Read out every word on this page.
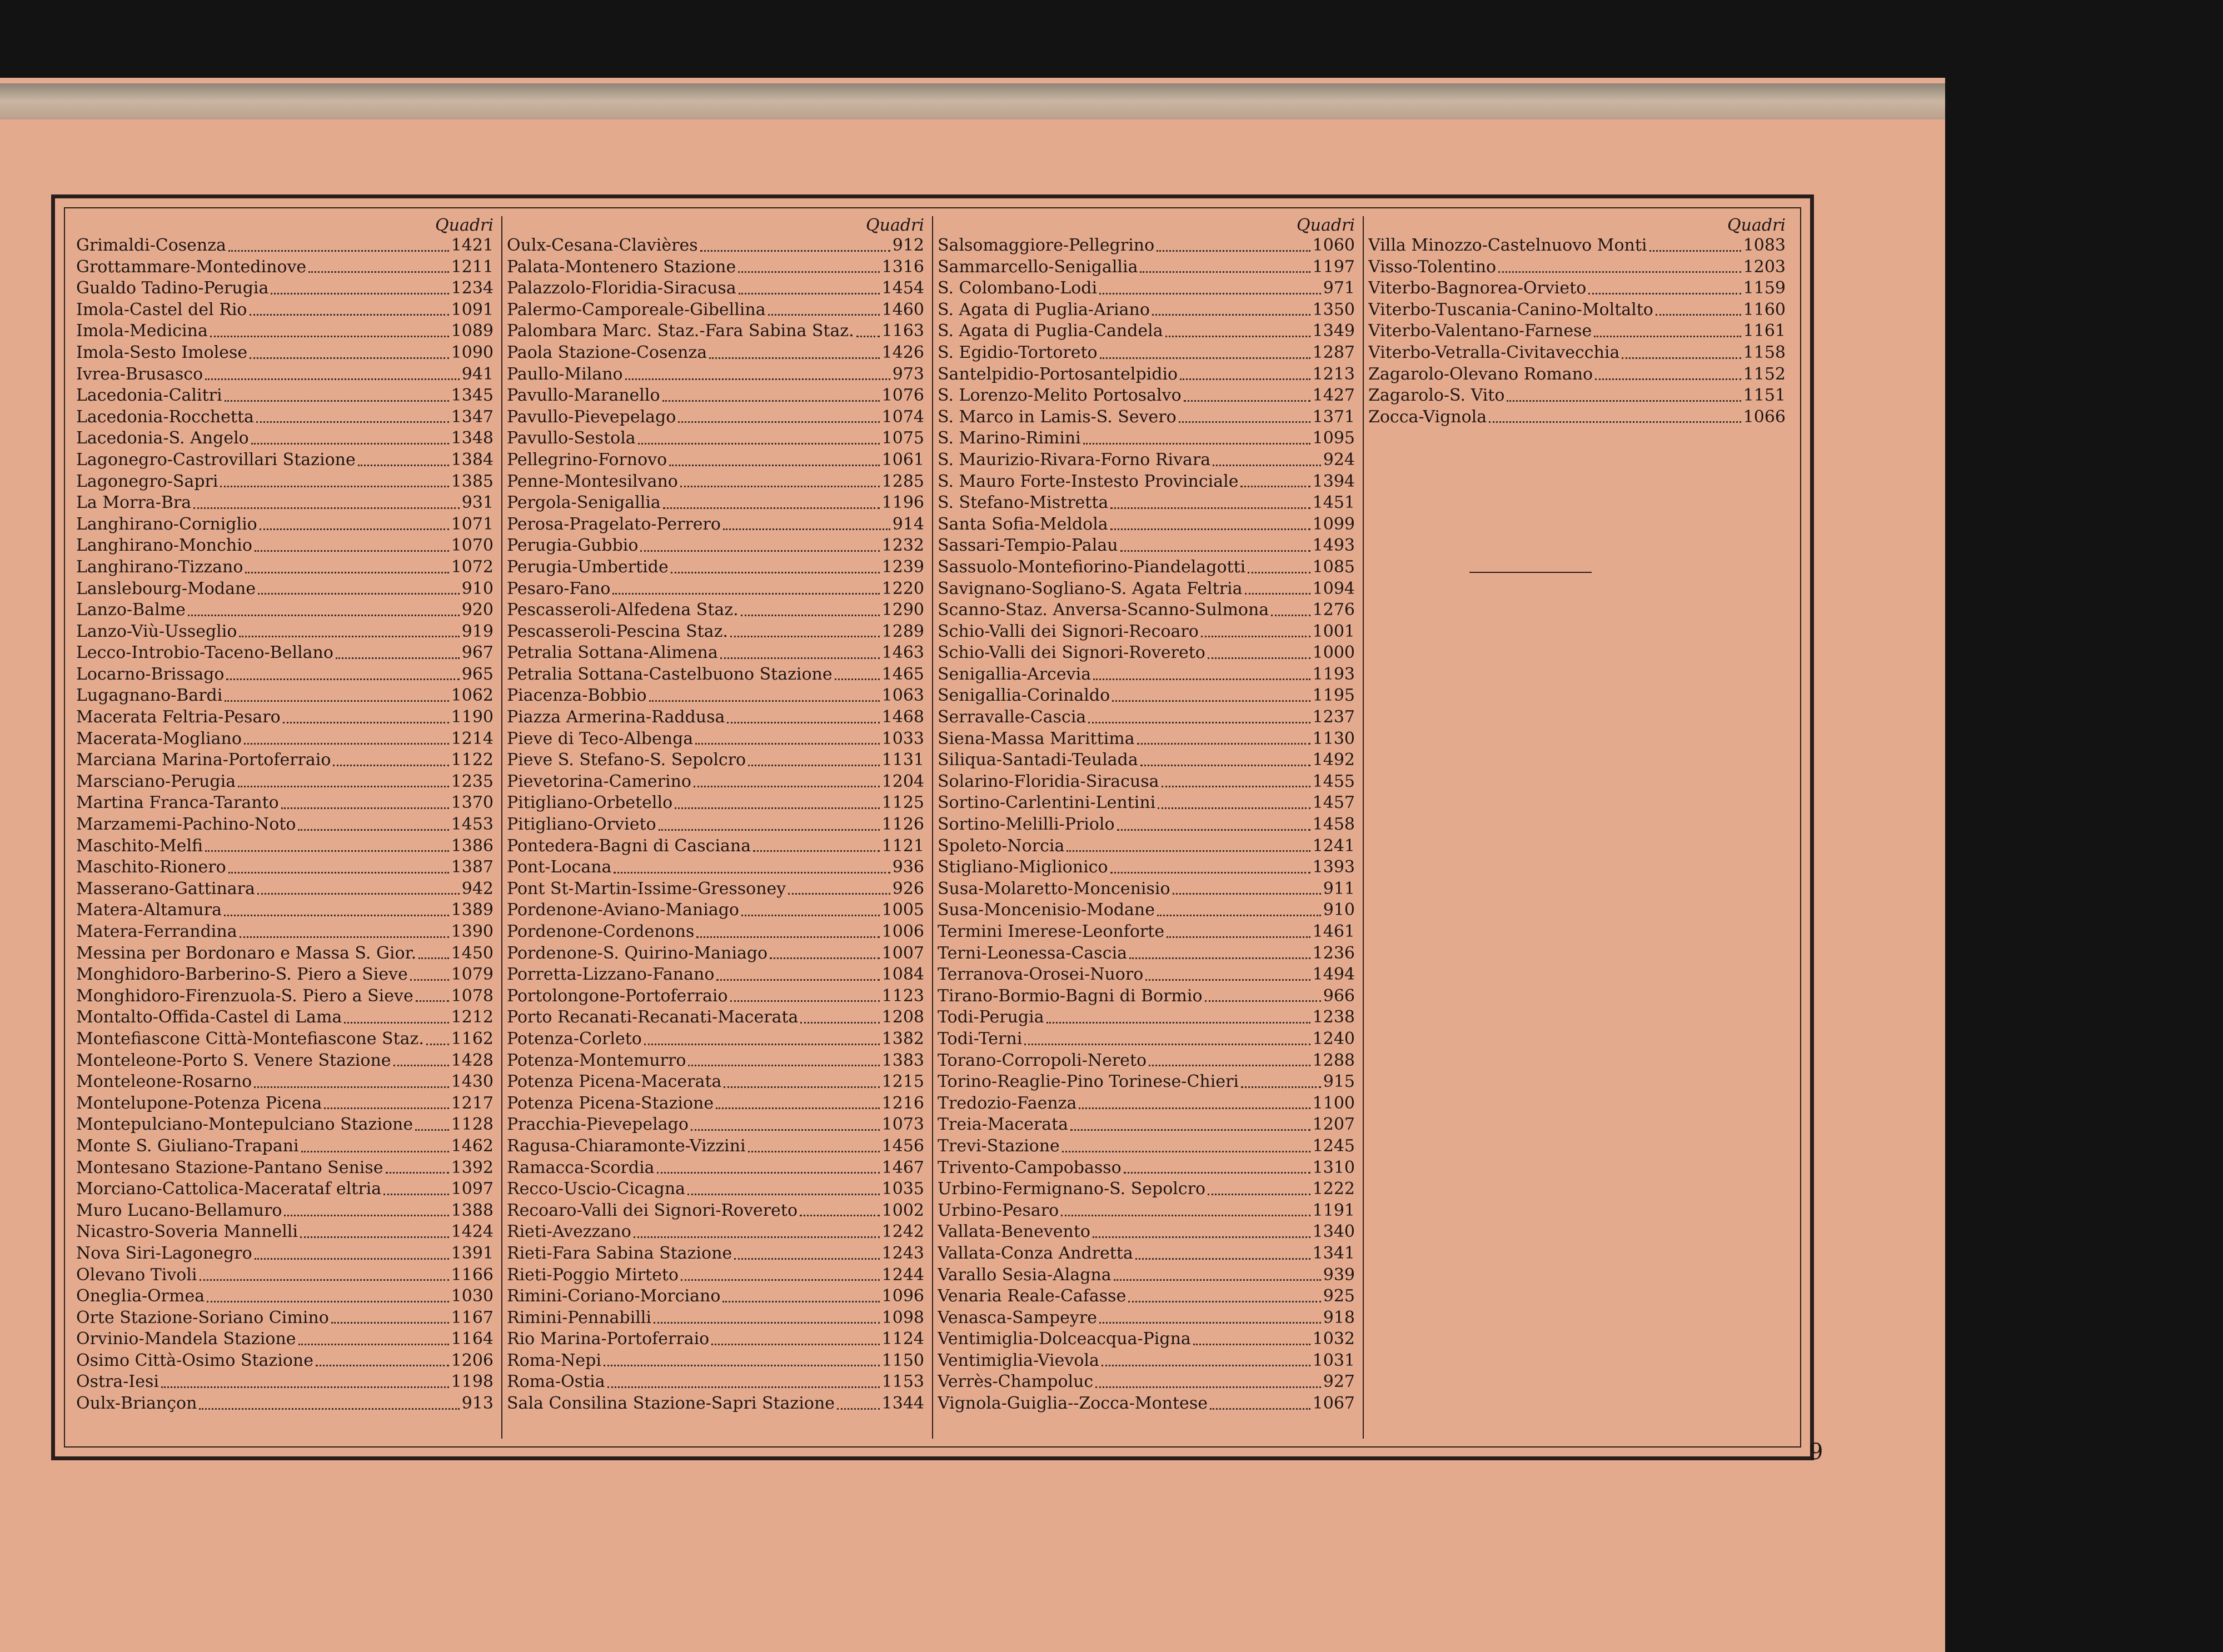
Quadri
Grimaldi-Cosenza	1421
Grottammare-Montedinove	1211
Gualdo Tadino-Perugia	1234
Imola-Castel del Rio	1091
Imola-Medicina	1089
Imola-Sesto Imolese	1090
Ivrea-Brusasco	941
Lacedonia-Calitri	1345
Lacedonia-Rocchetta	1347
Lacedonia-S. Angelo	1348
Lagonegro-Castrovillari Stazione	1384
Lagonegro-Sapri	1385
La Morra-Bra	931
Langhirano-Corniglio	1071
Langhirano-Monchio	1070
Langhirano-Tizzano	1072
Lanslebourg-Modane	910
Lanzo-Balme	920
Lanzo-Viù-Usseglio	919
Lecco-Introbio-Taceno-Bellano	967
Locarno-Brissago	965
Lugagnano-Bardi	1062
Macerata Feltria-Pesaro	1190
Macerata-Mogliano	1214
Marciana Marina-Portoferraio	1122
Marsciano-Perugia	1235
Martina Franca-Taranto	1370
Marzamemi-Pachino-Noto	1453
Maschito-Melfi	1386
Maschito-Rionero	1387
Masserano-Gattinara	942
Matera-Altamura	1389
Matera-Ferrandina	1390
Messina per Bordonaro e Massa S. Gior. 1450
Monghidoro-Barberino-S. Piero a Sieve	1079
Monghidoro-Firenzuola-S. Piero a Sieve 1078
Montalto-Offida-Castel di Lama	1212
Montefiascone Città-Montefiascone Staz. 1162
Monteleone-Porto S. Venere Stazione	1428
Monteleone-Rosarno	1430
Montelupone-Potenza Picena	1217
Montepulciano-Montepulciano Stazione 1128
Monte S. Giuliano-Trapani	1462
Montesano Stazione-Pantano Senise	1392
Morciano-Cattolica-Macerataf eltria	1097
Muro Lucano-Bellamuro	1388
Nicastro-Soveria Mannelli	1424
Nova Siri-Lagonegro	1391
Olevano Tivoli	1166
Oneglia-Ormea	1030
Orte Stazione-Soriano Cimino	1167
Orvinio-Mandela Stazione	1164
Osimo Città-Osimo Stazione	1206
Ostra-Iesi	1198
Oulx-Briançon	913
Quadri
Oulx-Cesana-Clavières	912
Palata-Montenero Stazione	1316
Palazzolo-Floridia-Siracusa	1454
Palermo-Camporeale-Gibellina	1460
Palombara Marc. Staz.-Fara Sabina Staz. 1163
Paola Stazione-Cosenza	1426
Paullo-Milano	973
Pavullo-Maranello	1076
Pavullo-Pievepelago	1074
Pavullo-Sestola	1075
Pellegrino-Fornovo	1061
Penne-Montesilvano	1285
Pergola-Senigallia	1196
Perosa-Pragelato-Perrero	914
Perugia-Gubbio	1232
Perugia-Umbertide	1239
Pesaro-Fano	1220
Pescasseroli-Alfedena Staz.	1290
Pescasseroli-Pescina Staz.	1289
Petralia Sottana-Alimena	1463
Petralia Sottana-Castelbuono Stazione	1465
Piacenza-Bobbio	1063
Piazza Armerina-Raddusa	1468
Pieve di Teco-Albenga	1033
Pieve S. Stefano-S. Sepolcro	1131
Pievetorina-Camerino	1204
Pitigliano-Orbetello	1125
Pitigliano-Orvieto	1126
Pontedera-Bagni di Casciana	1121
Pont-Locana	936
Pont St-Martin-Issime-Gressoney	926
Pordenone-Aviano-Maniago	1005
Pordenone-Cordenons	1006
Pordenone-S. Quirino-Maniago	1007
Porretta-Lizzano-Fanano	1084
Portolongone-Portoferraio	1123
Porto Recanati-Recanati-Macerata	1208
Potenza-Corleto	1382
Potenza-Montemurro	1383
Potenza Picena-Macerata	1215
Potenza Picena-Stazione	1216
Pracchia-Pievepelago	1073
Ragusa-Chiaramonte-Vizzini	1456
Ramacca-Scordia	1467
Recco-Uscio-Cicagna	1035
Recoaro-Valli dei Signori-Rovereto	1002
Rieti-Avezzano	1242
Rieti-Fara Sabina Stazione	1243
Rieti-Poggio Mirteto	1244
Rimini-Coriano-Morciano	1096
Rimini-Pennabilli	1098
Rio Marina-Portoferraio	1124
Roma-Nepi	1150
Roma-Ostia	1153
Sala Consilina Stazione-Sapri Stazione	1344
Quadri
Salsomaggiore-Pellegrino	1060
Sammarcello-Senigallia	1197
S. Colombano-Lodi	971
S. Agata di Puglia-Ariano	1350
S. Agata di Puglia-Candela	1349
S. Egidio-Tortoreto	1287
Santelpidio-Portosantelpidio	1213
S. Lorenzo-Melito Portosalvo	1427
S. Marco in Lamis-S. Severo	1371
S. Marino-Rimini	1095
S. Maurizio-Rivara-Forno Rivara	924
S. Mauro Forte-Instesto Provinciale	1394
S. Stefano-Mistretta	1451
Santa Sofia-Meldola	1099
Sassari-Tempio-Palau	1493
Sassuolo-Montefiorino-Piandelagotti	1085
Savignano-Sogliano-S. Agata Feltria	1094
Scanno-Staz. Anversa-Scanno-Sulmona	1276
Schio-Valli dei Signori-Recoaro	1001
Schio-Valli dei Signori-Rovereto	1000
Senigallia-Arcevia	1193
Senigallia-Corinaldo	1195
Serravalle-Cascia	1237
Siena-Massa Marittima	1130
Siliqua-Santadi-Teulada	1492
Solarino-Floridia-Siracusa	1455
Sortino-Carlentini-Lentini	1457
Sortino-Melilli-Priolo	1458
Spoleto-Norcia	1241
Stigliano-Miglionico	1393
Susa-Molaretto-Moncenisio	911
Susa-Moncenisio-Modane	910
Termini Imerese-Leonforte	1461
Terni-Leonessa-Cascia	1236
Terranova-Orosei-Nuoro	1494
Tirano-Bormio-Bagni di Bormio	966
Todi-Perugia	1238
Todi-Terni	1240
Torano-Corropoli-Nereto	1288
Torino-Reaglie-Pino Torinese-Chieri	915
Tredozio-Faenza	1100
Treia-Macerata	1207
Trevi-Stazione	1245
Trivento-Campobasso	1310
Urbino-Fermignano-S. Sepolcro	1222
Urbino-Pesaro	1191
Vallata-Benevento	1340
Vallata-Conza Andretta	1341
Varallo Sesia-Alagna	939
Venaria Reale-Cafasse	925
Venasca-Sampeyre	918
Ventimiglia-Dolceacqua-Pigna	1032
Ventimiglia-Vievola	1031
Verrès-Champoluc	927
Vignola-Guiglia--Zocca-Montese	1067
Quadri
Villa Minozzo-Castelnuovo Monti	1083
Visso-Tolentino	1203
Viterbo-Bagnorea-Orvieto	1159
Viterbo-Tuscania-Canino-Moltalto	1160
Viterbo-Valentano-Farnese	1161
Viterbo-Vetralla-Civitavecchia	1158
Zagarolo-Olevano Romano	1152
Zagarolo-S. Vito	1151
Zocca-Vignola	1066
9
